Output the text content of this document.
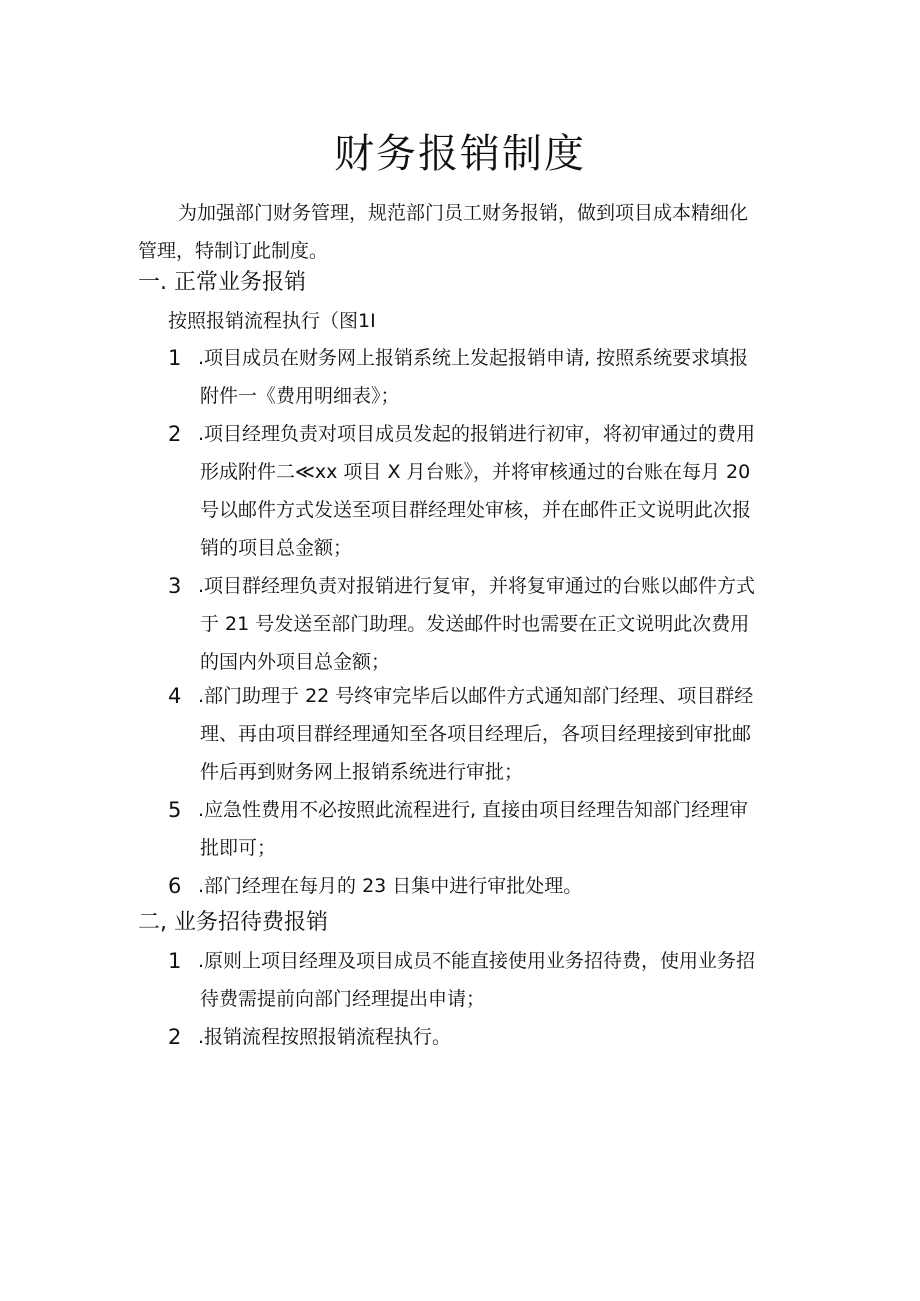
财务报销制度
为加强部门财务管理，规范部门员工财务报销，做到项目成本精细化
管理，特制订此制度。
一. 正常业务报销
按照报销流程执行（图1I
1 .项目成员在财务网上报销系统上发起报销申请, 按照系统要求填报
附件一《费用明细表》；
2 .项目经理负责对项目成员发起的报销进行初审，将初审通过的费用
形成附件二≪xx 项目 X 月台账》，并将审核通过的台账在每月 20
号以邮件方式发送至项目群经理处审核，并在邮件正文说明此次报
销的项目总金额；
3 .项目群经理负责对报销进行复审，并将复审通过的台账以邮件方式
于 21 号发送至部门助理。发送邮件时也需要在正文说明此次费用
的国内外项目总金额；
4 .部门助理于 22 号终审完毕后以邮件方式通知部门经理、项目群经
理、再由项目群经理通知至各项目经理后，各项目经理接到审批邮
件后再到财务网上报销系统进行审批；
5 .应急性费用不必按照此流程进行, 直接由项目经理告知部门经理审
批即可；
6 .部门经理在每月的 23 日集中进行审批处理。
二, 业务招待费报销
1 .原则上项目经理及项目成员不能直接使用业务招待费，使用业务招
待费需提前向部门经理提出申请；
2 .报销流程按照报销流程执行。
